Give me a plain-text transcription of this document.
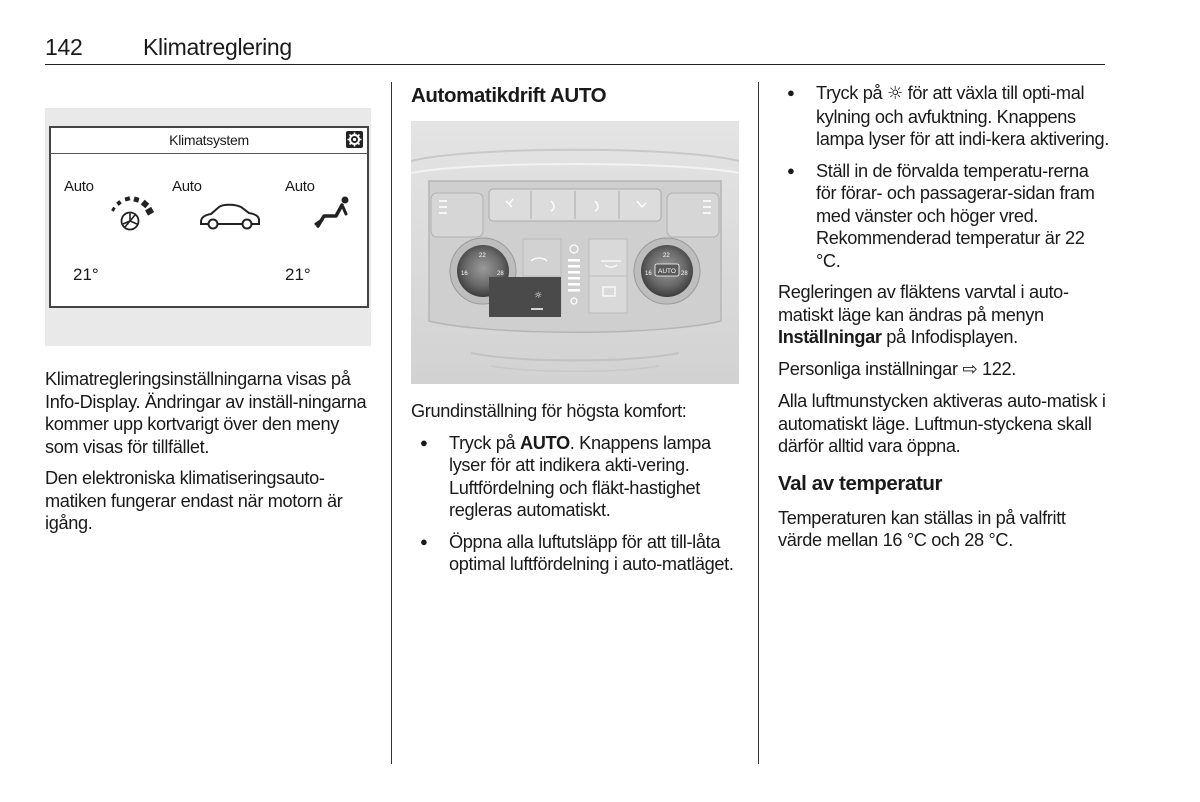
142	Klimatreglering
Klimatsystem
Auto	Auto	Auto
21°	21°

Klimatregleringsinställningarna visas på Info-Display. Ändringar av inställ-ningarna kommer upp kortvarigt över den meny som visas för tillfället.

Den elektroniska klimatiseringsauto-matiken fungerar endast när motorn är igång.

Automatikdrift AUTO
22
16	28
22
16	28
AUTO
☼

Grundinställning för högsta komfort:

● Tryck på AUTO. Knappens lampa lyser för att indikera akti-vering. Luftfördelning och fläkt-hastighet regleras automatiskt.
● Öppna alla luftutsläpp för att till-låta optimal luftfördelning i auto-matläget.
● Tryck på ☼ för att växla till opti-mal kylning och avfuktning. Knappens lampa lyser för att indi-kera aktivering.
● Ställ in de förvalda temperatu-rerna för förar- och passagerar-sidan fram med vänster och höger vred. Rekommenderad temperatur är 22 °C.

Regleringen av fläktens varvtal i auto-matiskt läge kan ändras på menyn Inställningar på Infodisplayen.

Personliga inställningar ⇨ 122.

Alla luftmunstycken aktiveras auto-matisk i automatiskt läge. Luftmun-styckena skall därför alltid vara öppna.

Val av temperatur

Temperaturen kan ställas in på valfritt värde mellan 16 °C och 28 °C.
